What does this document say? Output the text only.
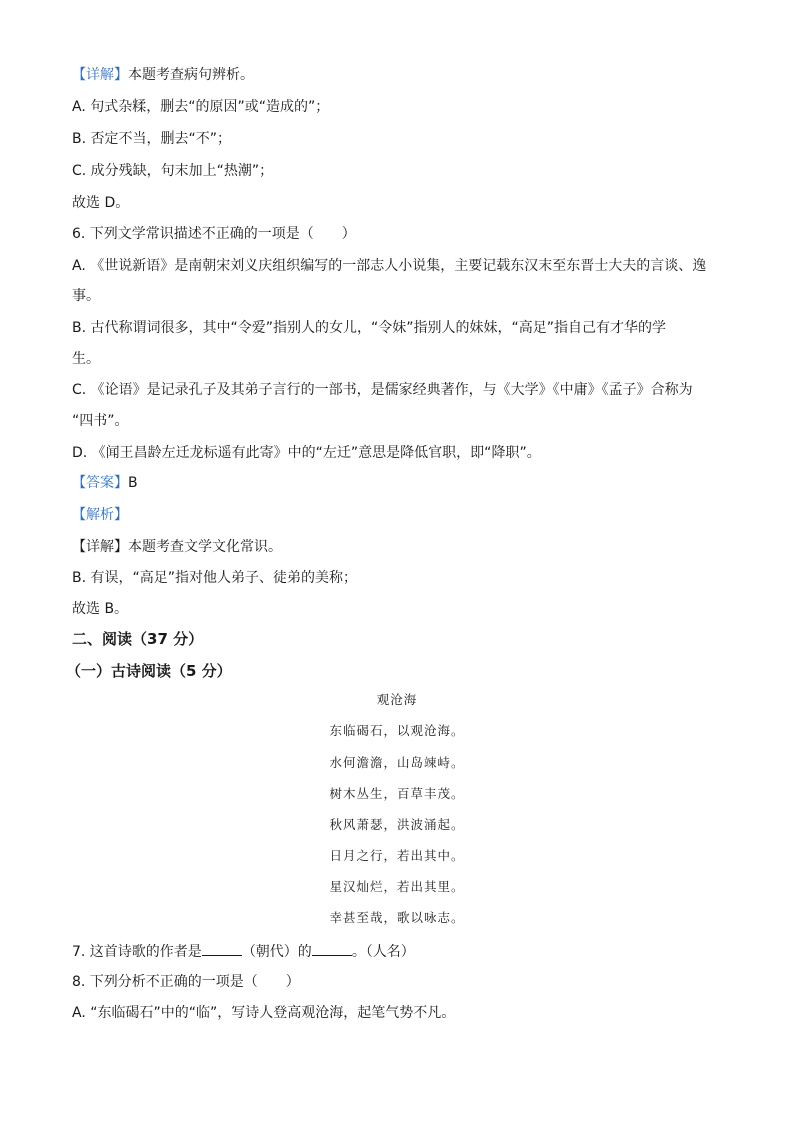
【详解】本题考查病句辨析。
A. 句式杂糅，删去“的原因”或“造成的”；
B. 否定不当，删去“不”；
C. 成分残缺，句末加上“热潮”；
故选 D。
6. 下列文学常识描述不正确的一项是（　　）
A. 《世说新语》是南朝宋刘义庆组织编写的一部志人小说集，主要记载东汉末至东晋士大夫的言谈、逸
事。
B. 古代称谓词很多，其中“令爱”指别人的女儿，“令妹”指别人的妹妹，“高足”指自己有才华的学
生。
C. 《论语》是记录孔子及其弟子言行的一部书，是儒家经典著作，与《大学》《中庸》《孟子》合称为
“四书”。
D. 《闻王昌龄左迁龙标遥有此寄》中的“左迁”意思是降低官职，即“降职”。
【答案】B
【解析】
【详解】本题考查文学文化常识。
B. 有误，“高足”指对他人弟子、徒弟的美称；
故选 B。
二、阅读（37 分）
（一）古诗阅读（5 分）
观沧海
东临碣石，以观沧海。
水何澹澹，山岛竦峙。
树木丛生，百草丰茂。
秋风萧瑟，洪波涌起。
日月之行，若出其中。
星汉灿烂，若出其里。
幸甚至哉，歌以咏志。
7. 这首诗歌的作者是	（朝代）的	。（人名）
8. 下列分析不正确的一项是（　　）
A. “东临碣石”中的“临”，写诗人登高观沧海，起笔气势不凡。
